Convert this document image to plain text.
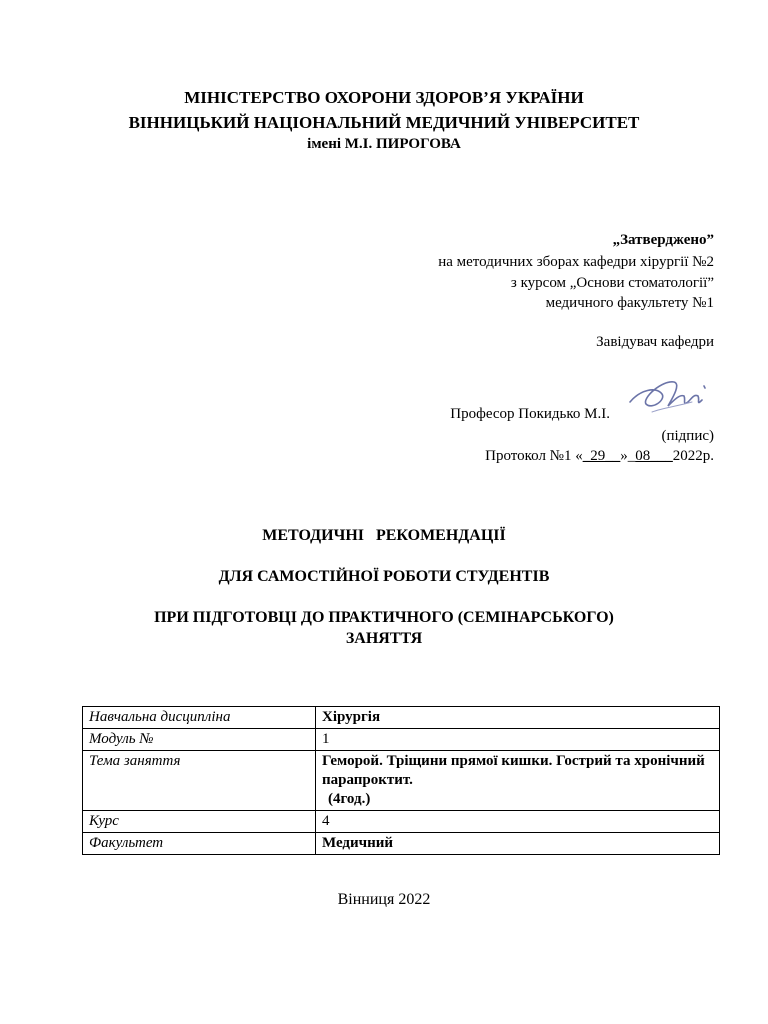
МІНІСТЕРСТВО ОХОРОНИ ЗДОРОВ’Я УКРАЇНИ
ВІННИЦЬКИЙ НАЦІОНАЛЬНИЙ МЕДИЧНИЙ УНІВЕРСИТЕТ
імені М.І. ПИРОГОВА
„Затверджено”
на методичних зборах кафедри хірургії №2
з курсом „Основи стоматології”
медичного факультету №1
Завідувач кафедри
Професор Покидько М.І.
(підпис)
Протокол №1 «_29__»_08___2022р.
МЕТОДИЧНІ   РЕКОМЕНДАЦІЇ
ДЛЯ САМОСТІЙНОЇ РОБОТИ СТУДЕНТІВ
ПРИ ПІДГОТОВЦІ ДО ПРАКТИЧНОГО (СЕМІНАРСЬКОГО)
ЗАНЯТТЯ
Навчальна дисципліна	Хірургія
Модуль №	1
Тема заняття	Геморой. Тріщини прямої кишки. Гострий та хронічний парапроктит.
(4год.)

Курс	4
Факультет	Медичний
Вінниця 2022
